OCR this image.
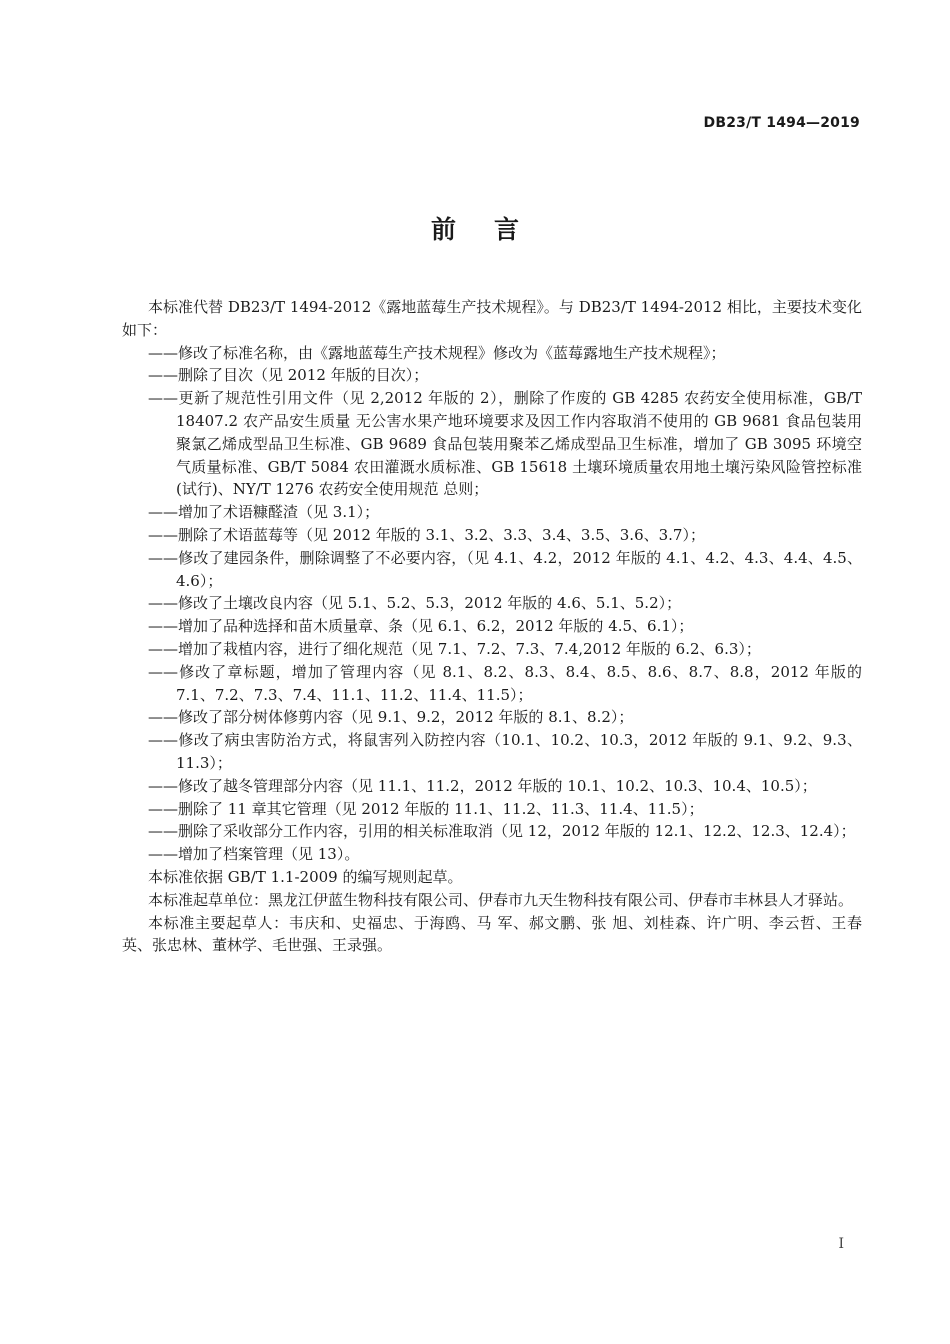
DB23/T 1494—2019
前言

本标准代替 DB23/T 1494-2012《露地蓝莓生产技术规程》。与 DB23/T 1494-2012 相比，主要技术变化如下：

——修改了标准名称，由《露地蓝莓生产技术规程》修改为《蓝莓露地生产技术规程》；

——删除了目次（见 2012 年版的目次）；

——更新了规范性引用文件（见 2,2012 年版的 2），删除了作废的 GB 4285 农药安全使用标准，GB/T 18407.2 农产品安生质量 无公害水果产地环境要求及因工作内容取消不使用的 GB 9681 食品包装用聚氯乙烯成型品卫生标准、GB 9689 食品包装用聚苯乙烯成型品卫生标准，增加了 GB 3095 环境空气质量标准、GB/T 5084 农田灌溉水质标准、GB 15618 土壤环境质量农用地土壤污染风险管控标准(试行)、NY/T 1276 农药安全使用规范 总则；

——增加了术语糠醛渣（见 3.1）；

——删除了术语蓝莓等（见 2012 年版的 3.1、3.2、3.3、3.4、3.5、3.6、3.7）；

——修改了建园条件，删除调整了不必要内容，（见 4.1、4.2，2012 年版的 4.1、4.2、4.3、4.4、4.5、4.6）；

——修改了土壤改良内容（见 5.1、5.2、5.3，2012 年版的 4.6、5.1、5.2）；

——增加了品种选择和苗木质量章、条（见 6.1、6.2，2012 年版的 4.5、6.1）；

——增加了栽植内容，进行了细化规范（见 7.1、7.2、7.3、7.4,2012 年版的 6.2、6.3）；

——修改了章标题，增加了管理内容（见 8.1、8.2、8.3、8.4、8.5、8.6、8.7、8.8，2012 年版的 7.1、7.2、7.3、7.4、11.1、11.2、11.4、11.5）；

——修改了部分树体修剪内容（见 9.1、9.2，2012 年版的 8.1、8.2）；

——修改了病虫害防治方式，将鼠害列入防控内容（10.1、10.2、10.3，2012 年版的 9.1、9.2、9.3、11.3）；

——修改了越冬管理部分内容（见 11.1、11.2，2012 年版的 10.1、10.2、10.3、10.4、10.5）；

——删除了 11 章其它管理（见 2012 年版的 11.1、11.2、11.3、11.4、11.5）；

——删除了采收部分工作内容，引用的相关标准取消（见 12，2012 年版的 12.1、12.2、12.3、12.4）；

——增加了档案管理（见 13）。

本标准依据 GB/T 1.1-2009 的编写规则起草。

本标准起草单位：黑龙江伊蓝生物科技有限公司、伊春市九天生物科技有限公司、伊春市丰林县人才驿站。

本标准主要起草人：韦庆和、史福忠、于海鸥、马 军、郝文鹏、张 旭、刘桂森、许广明、李云哲、王春英、张忠林、董林学、毛世强、王录强。

I
